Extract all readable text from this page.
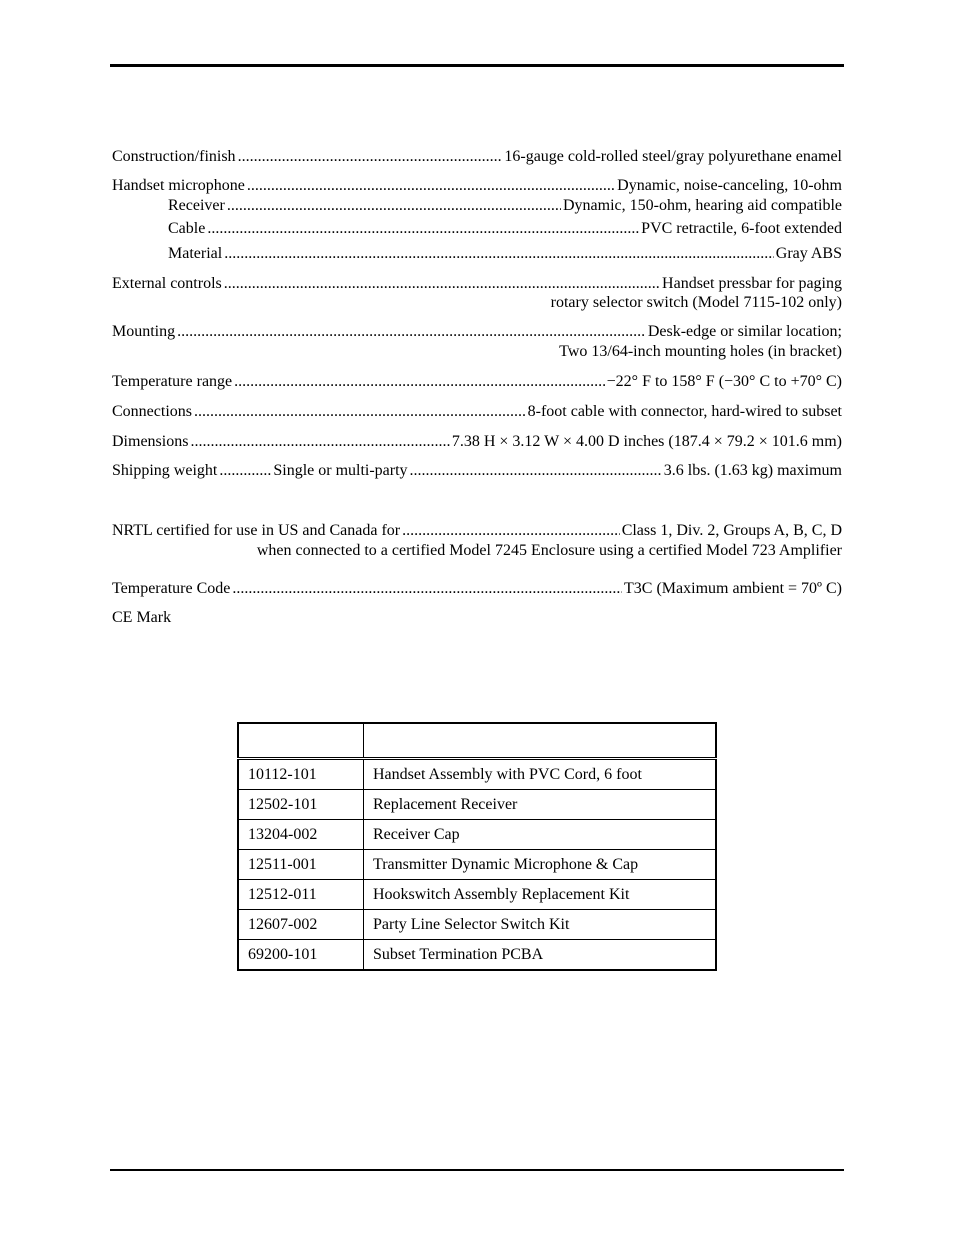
Construction/finish .....	16-gauge cold-rolled steel/gray polyurethane enamel
Handset microphone .....	Dynamic, noise-canceling, 10-ohm
Receiver .....	Dynamic, 150-ohm, hearing aid compatible
Cable .....	PVC retractile, 6-foot extended
Material .....	Gray ABS
External controls .....	Handset pressbar for paging
rotary selector switch (Model 7115-102 only)
Mounting .....	Desk-edge or similar location;
Two 13/64-inch mounting holes (in bracket)
Temperature range .....	−22° F to 158° F (−30° C to +70° C)
Connections .....	8-foot cable with connector, hard-wired to subset
Dimensions .....	7.38 H × 3.12 W × 4.00 D inches (187.4 × 79.2 × 101.6 mm)
Shipping weight .....	Single or multi-party .....	3.6 lbs. (1.63 kg) maximum
NRTL certified for use in US and Canada for .....	Class 1, Div. 2, Groups A, B, C, D
when connected to a certified Model 7245 Enclosure using a certified Model 723 Amplifier
Temperature Code .....	T3C (Maximum ambient = 70º C)
CE Mark

10112-101	Handset Assembly with PVC Cord, 6 foot
12502-101	Replacement Receiver
13204-002	Receiver Cap
12511-001	Transmitter Dynamic Microphone & Cap
12512-011	Hookswitch Assembly Replacement Kit
12607-002	Party Line Selector Switch Kit
69200-101	Subset Termination PCBA
